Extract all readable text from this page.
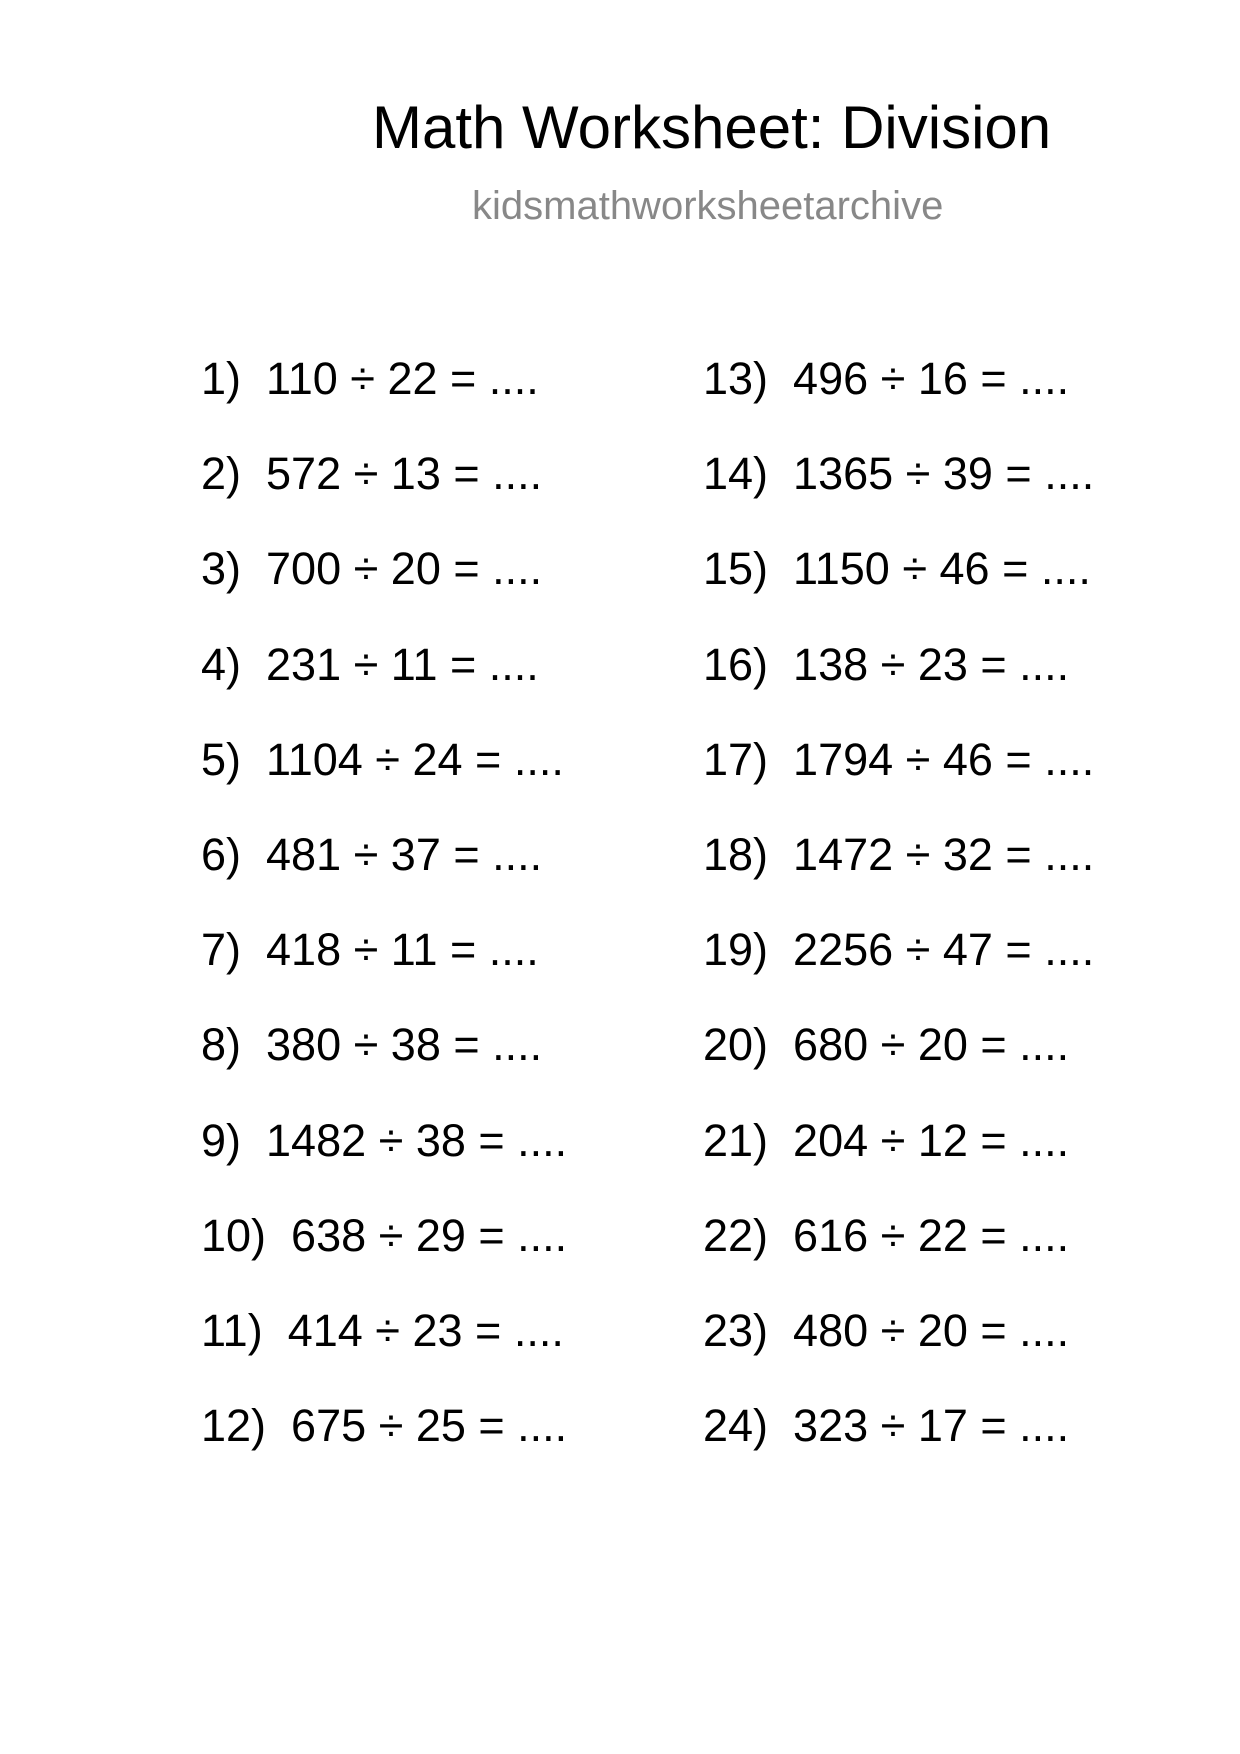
Math Worksheet: Division
kidsmathworksheetarchive
1)  110 ÷ 22 = ....
2)  572 ÷ 13 = ....
3)  700 ÷ 20 = ....
4)  231 ÷ 11 = ....
5)  1104 ÷ 24 = ....
6)  481 ÷ 37 = ....
7)  418 ÷ 11 = ....
8)  380 ÷ 38 = ....
9)  1482 ÷ 38 = ....
10)  638 ÷ 29 = ....
11)  414 ÷ 23 = ....
12)  675 ÷ 25 = ....
13)  496 ÷ 16 = ....
14)  1365 ÷ 39 = ....
15)  1150 ÷ 46 = ....
16)  138 ÷ 23 = ....
17)  1794 ÷ 46 = ....
18)  1472 ÷ 32 = ....
19)  2256 ÷ 47 = ....
20)  680 ÷ 20 = ....
21)  204 ÷ 12 = ....
22)  616 ÷ 22 = ....
23)  480 ÷ 20 = ....
24)  323 ÷ 17 = ....
